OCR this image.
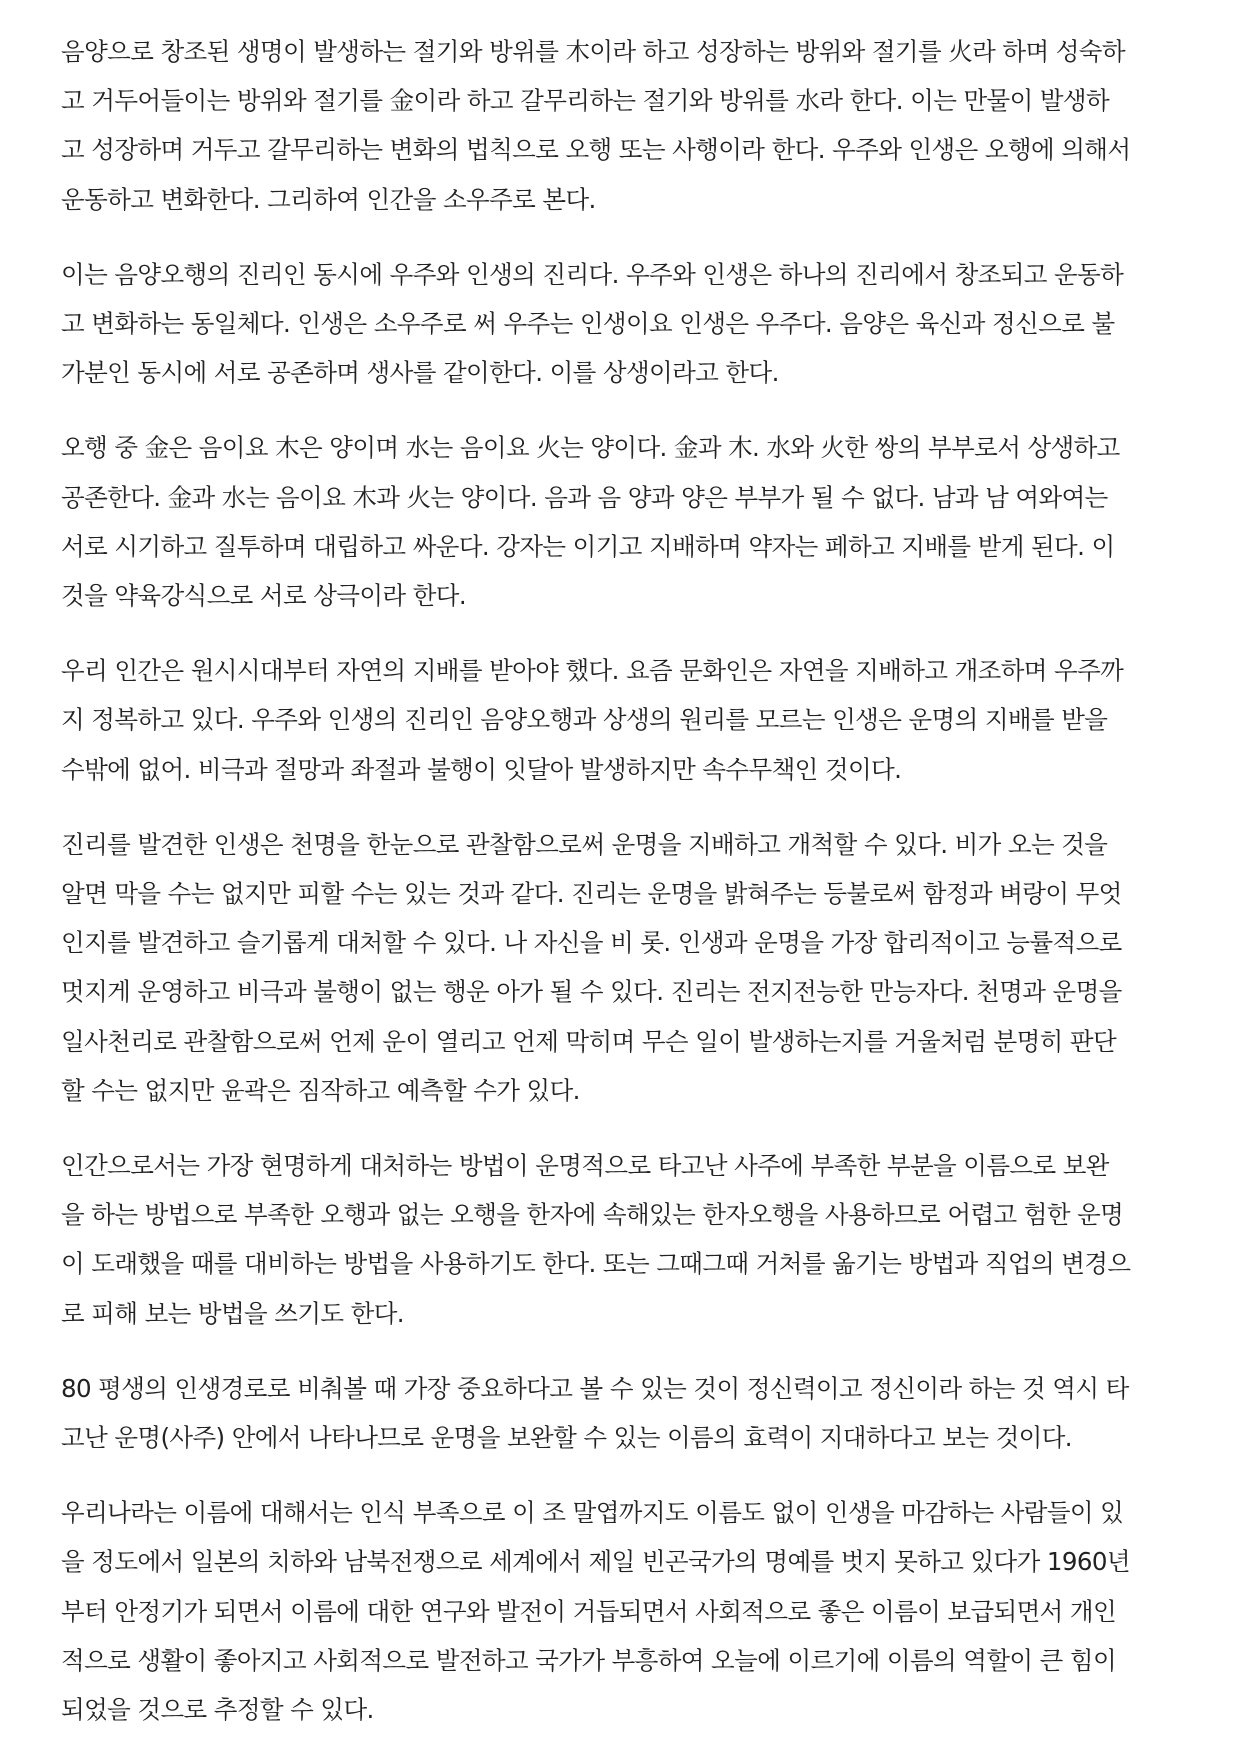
음양으로 창조된 생명이 발생하는 절기와 방위를 木이라 하고 성장하는 방위와 절기를 火라 하며 성숙하
고 거두어들이는 방위와 절기를 金이라 하고 갈무리하는 절기와 방위를 水라 한다. 이는 만물이 발생하
고 성장하며 거두고 갈무리하는 변화의 법칙으로 오행 또는 사행이라 한다. 우주와 인생은 오행에 의해서
운동하고 변화한다. 그리하여 인간을 소우주로 본다.

이는 음양오행의 진리인 동시에 우주와 인생의 진리다. 우주와 인생은 하나의 진리에서 창조되고 운동하
고 변화하는 동일체다. 인생은 소우주로 써 우주는 인생이요 인생은 우주다. 음양은 육신과 정신으로 불
가분인 동시에 서로 공존하며 생사를 같이한다. 이를 상생이라고 한다.

오행 중 金은 음이요 木은 양이며 水는 음이요 火는 양이다. 金과 木. 水와 火한 쌍의 부부로서 상생하고
공존한다. 金과 水는 음이요 木과 火는 양이다. 음과 음 양과 양은 부부가 될 수 없다. 남과 남 여와여는
서로 시기하고 질투하며 대립하고 싸운다. 강자는 이기고 지배하며 약자는 페하고 지배를 받게 된다. 이
것을 약육강식으로 서로 상극이라 한다.

우리 인간은 원시시대부터 자연의 지배를 받아야 했다. 요즘 문화인은 자연을 지배하고 개조하며 우주까
지 정복하고 있다. 우주와 인생의 진리인 음양오행과 상생의 원리를 모르는 인생은 운명의 지배를 받을
수밖에 없어. 비극과 절망과 좌절과 불행이 잇달아 발생하지만 속수무책인 것이다.

진리를 발견한 인생은 천명을 한눈으로 관찰함으로써 운명을 지배하고 개척할 수 있다. 비가 오는 것을
알면 막을 수는 없지만 피할 수는 있는 것과 같다. 진리는 운명을 밝혀주는 등불로써 함정과 벼랑이 무엇
인지를 발견하고 슬기롭게 대처할 수 있다. 나 자신을 비 롯. 인생과 운명을 가장 합리적이고 능률적으로
멋지게 운영하고 비극과 불행이 없는 행운 아가 될 수 있다. 진리는 전지전능한 만능자다. 천명과 운명을
일사천리로 관찰함으로써 언제 운이 열리고 언제 막히며 무슨 일이 발생하는지를 거울처럼 분명히 판단
할 수는 없지만 윤곽은 짐작하고 예측할 수가 있다.

인간으로서는 가장 현명하게 대처하는 방법이 운명적으로 타고난 사주에 부족한 부분을 이름으로 보완
을 하는 방법으로 부족한 오행과 없는 오행을 한자에 속해있는 한자오행을 사용하므로 어렵고 험한 운명
이 도래했을 때를 대비하는 방법을 사용하기도 한다. 또는 그때그때 거처를 옮기는 방법과 직업의 변경으
로 피해 보는 방법을 쓰기도 한다.

80 평생의 인생경로로 비춰볼 때 가장 중요하다고 볼 수 있는 것이 정신력이고 정신이라 하는 것 역시 타
고난 운명(사주) 안에서 나타나므로 운명을 보완할 수 있는 이름의 효력이 지대하다고 보는 것이다.

우리나라는 이름에 대해서는 인식 부족으로 이 조 말엽까지도 이름도 없이 인생을 마감하는 사람들이 있
을 정도에서 일본의 치하와 남북전쟁으로 세계에서 제일 빈곤국가의 명예를 벗지 못하고 있다가 1960년
부터 안정기가 되면서 이름에 대한 연구와 발전이 거듭되면서 사회적으로 좋은 이름이 보급되면서 개인
적으로 생활이 좋아지고 사회적으로 발전하고 국가가 부흥하여 오늘에 이르기에 이름의 역할이 큰 힘이
되었을 것으로 추정할 수 있다.
